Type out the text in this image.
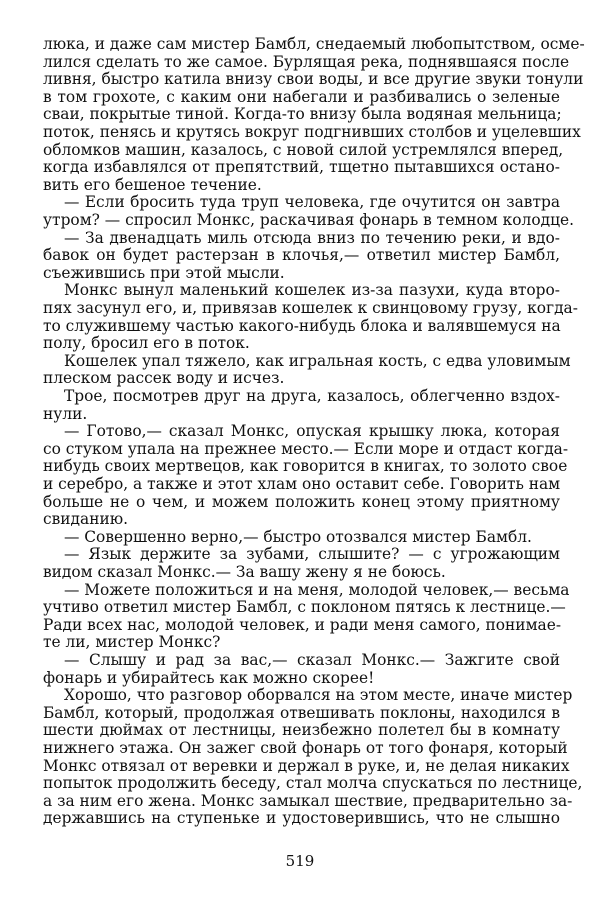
люка, и даже сам мистер Бамбл, снедаемый любопытством, осме-
лился сделать то же самое. Бурлящая река, поднявшаяся после
ливня, быстро катила внизу свои воды, и все другие звуки тонули
в том грохоте, с каким они набегали и разбивались о зеленые
сваи, покрытые тиной. Когда-то внизу была водяная мельница;
поток, пенясь и крутясь вокруг подгнивших столбов и уцелевших
обломков машин, казалось, с новой силой устремлялся вперед,
когда избавлялся от препятствий, тщетно пытавшихся остано-
вить его бешеное течение.
— Если бросить туда труп человека, где очутится он завтра
утром? — спросил Монкс, раскачивая фонарь в темном колодце.
— За двенадцать миль отсюда вниз по течению реки, и вдо-
бавок он будет растерзан в клочья,— ответил мистер Бамбл,
съежившись при этой мысли.
Монкс вынул маленький кошелек из-за пазухи, куда второ-
пях засунул его, и, привязав кошелек к свинцовому грузу, когда-
то служившему частью какого-нибудь блока и валявшемуся на
полу, бросил его в поток.
Кошелек упал тяжело, как игральная кость, с едва уловимым
плеском рассек воду и исчез.
Трое, посмотрев друг на друга, казалось, облегченно вздох-
нули.
— Готово,— сказал Монкс, опуская крышку люка, которая
со стуком упала на прежнее место.— Если море и отдаст когда-
нибудь своих мертвецов, как говорится в книгах, то золото свое
и серебро, а также и этот хлам оно оставит себе. Говорить нам
больше не о чем, и можем положить конец этому приятному
свиданию.
— Совершенно верно,— быстро отозвался мистер Бамбл.
— Язык держите за зубами, слышите? — с угрожающим
видом сказал Монкс.— За вашу жену я не боюсь.
— Можете положиться и на меня, молодой человек,— весьма
учтиво ответил мистер Бамбл, с поклоном пятясь к лестнице.—
Ради всех нас, молодой человек, и ради меня самого, понимае-
те ли, мистер Монкс?
— Слышу и рад за вас,— сказал Монкс.— Зажгите свой
фонарь и убирайтесь как можно скорее!
Хорошо, что разговор оборвался на этом месте, иначе мистер
Бамбл, который, продолжая отвешивать поклоны, находился в
шести дюймах от лестницы, неизбежно полетел бы в комнату
нижнего этажа. Он зажег свой фонарь от того фонаря, который
Монкс отвязал от веревки и держал в руке, и, не делая никаких
попыток продолжить беседу, стал молча спускаться по лестнице,
а за ним его жена. Монкс замыкал шествие, предварительно за-
державшись на ступеньке и удостоверившись, что не слышно
519
